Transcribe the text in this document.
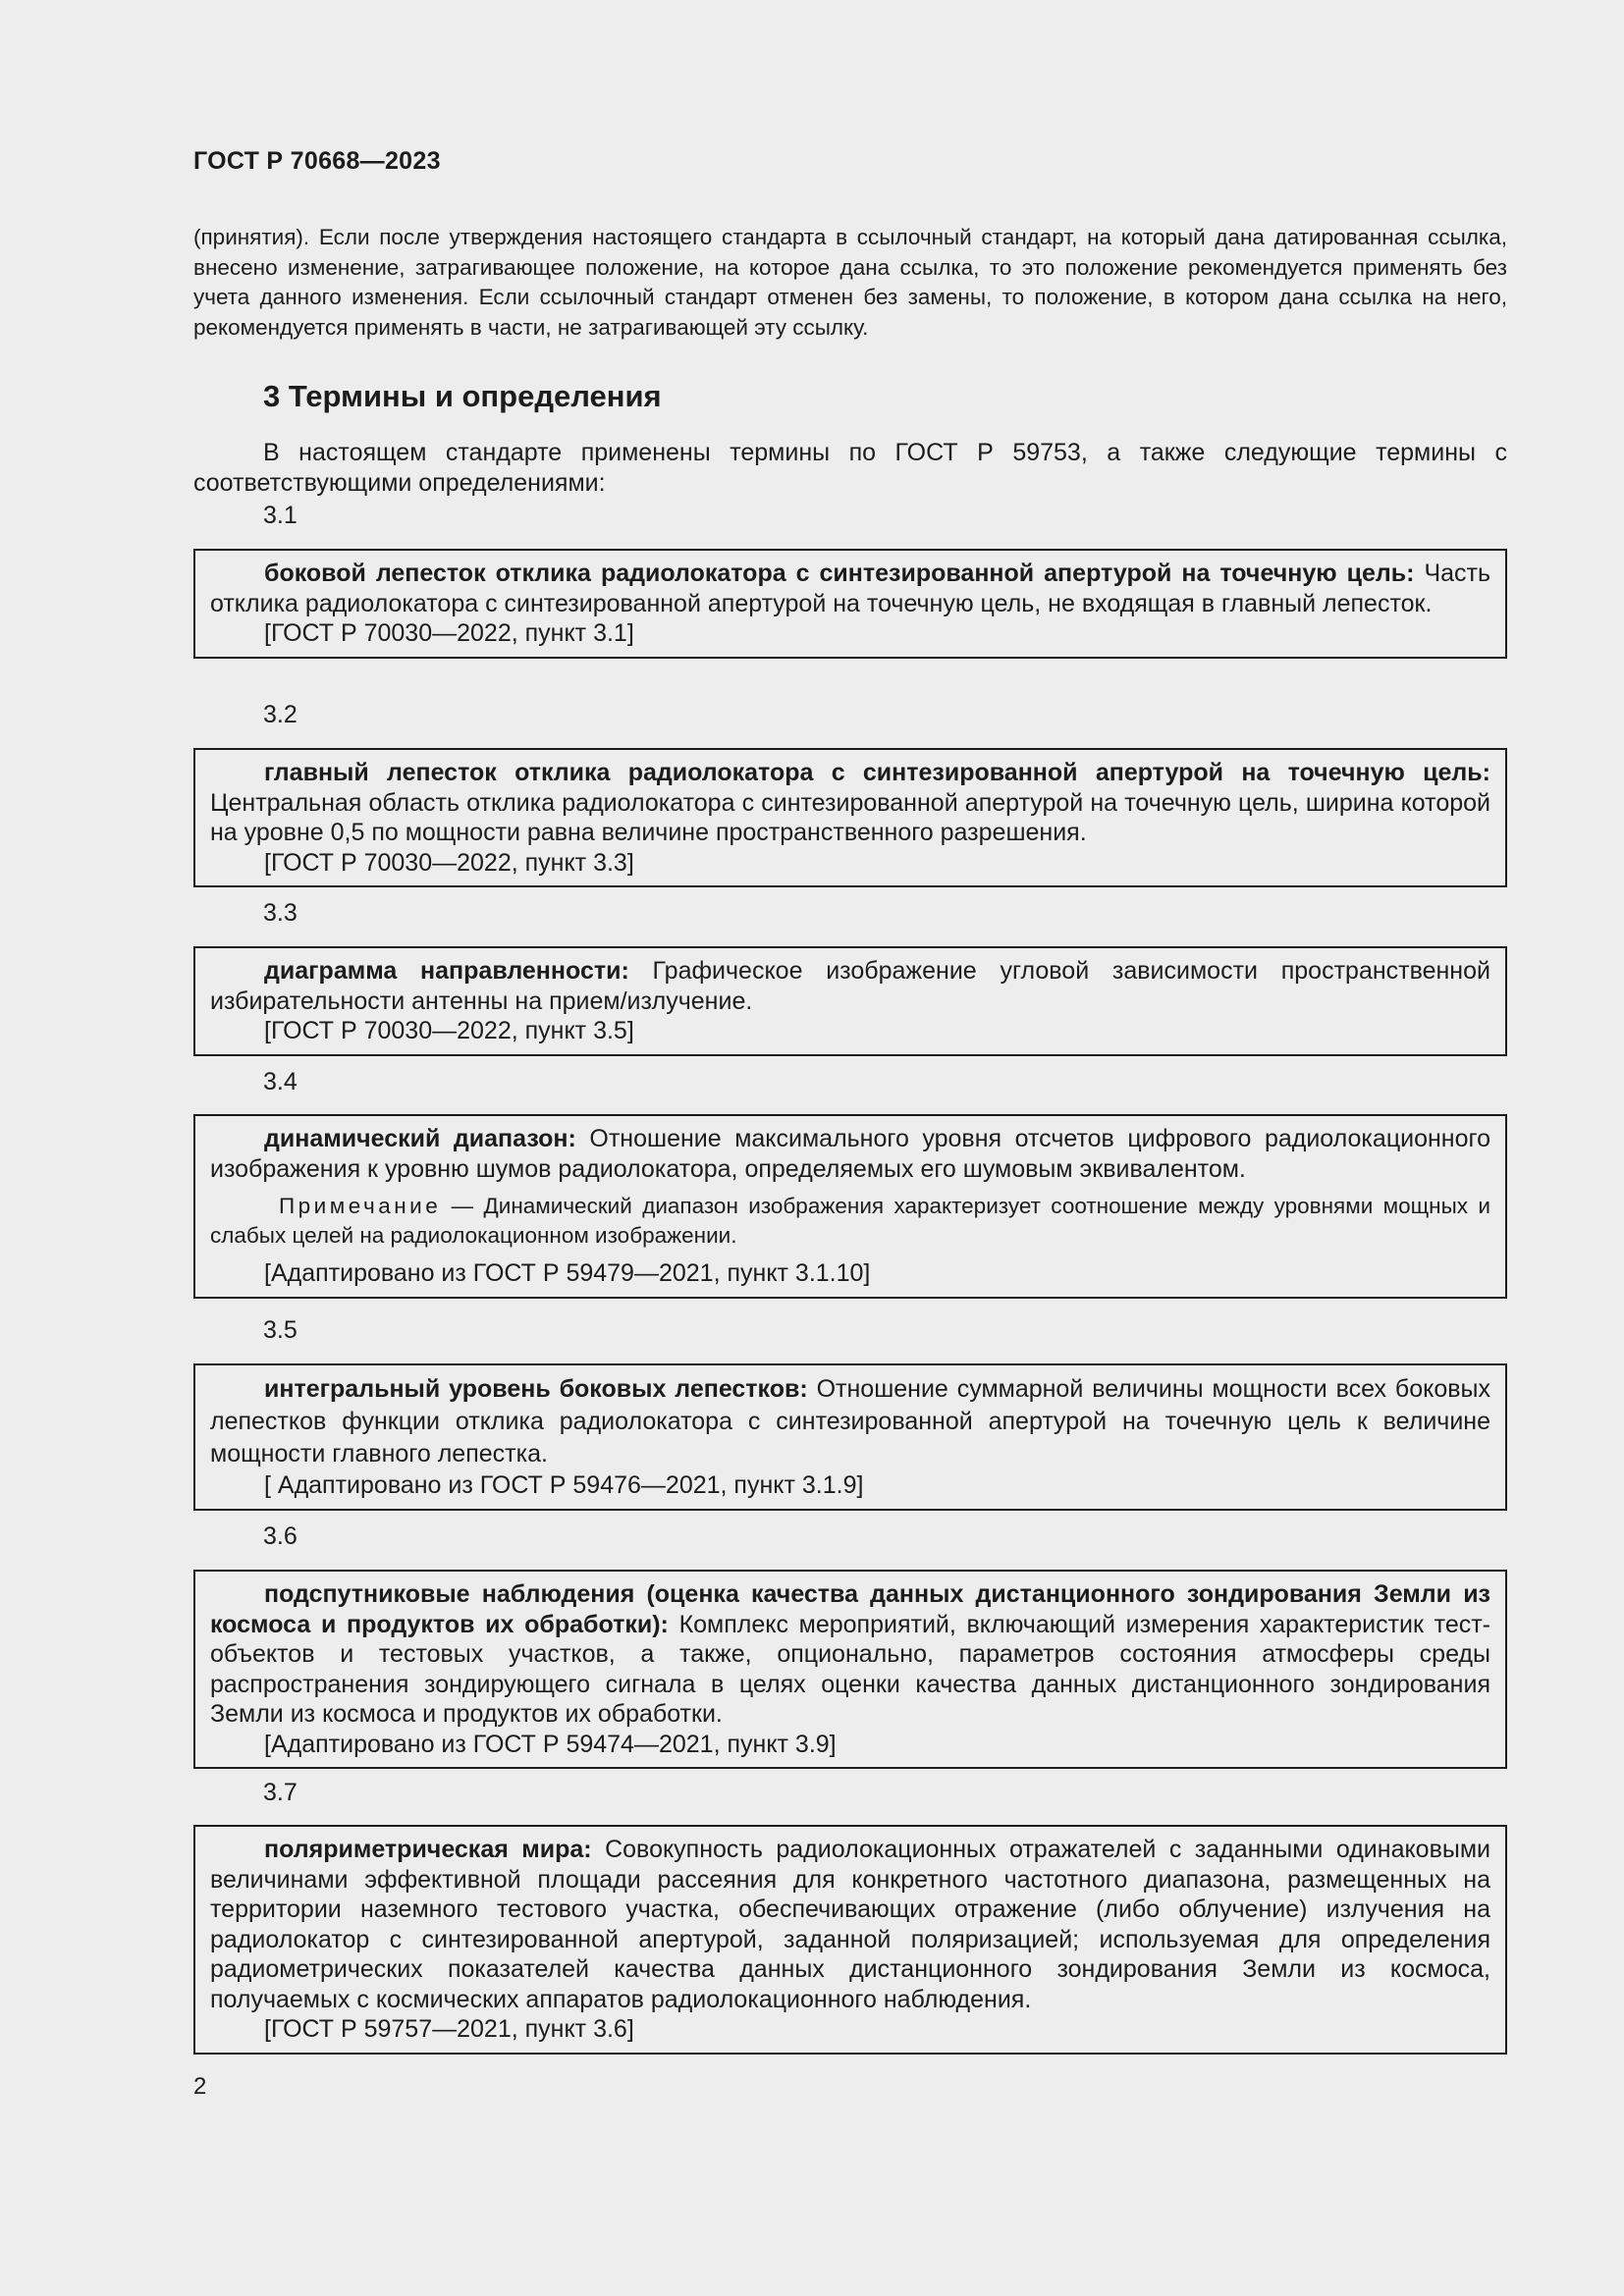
ГОСТ Р 70668—2023

(принятия). Если после утверждения настоящего стандарта в ссылочный стандарт, на который дана датированная ссылка, внесено изменение, затрагивающее положение, на которое дана ссылка, то это положение рекомендуется применять без учета данного изменения. Если ссылочный стандарт отменен без замены, то положение, в котором дана ссылка на него, рекомендуется применять в части, не затрагивающей эту ссылку.

3 Термины и определения

В настоящем стандарте применены термины по ГОСТ Р 59753, а также следующие термины с соответствующими определениями:

3.1

боковой лепесток отклика радиолокатора с синтезированной апертурой на точечную цель: Часть отклика радиолокатора с синтезированной апертурой на точечную цель, не входящая в главный лепесток.

[ГОСТ Р 70030—2022, пункт 3.1]

3.2

главный лепесток отклика радиолокатора с синтезированной апертурой на точечную цель: Центральная область отклика радиолокатора с синтезированной апертурой на точечную цель, ширина которой на уровне 0,5 по мощности равна величине пространственного разрешения.

[ГОСТ Р 70030—2022, пункт 3.3]

3.3

диаграмма направленности: Графическое изображение угловой зависимости пространственной избирательности антенны на прием/излучение.

[ГОСТ Р 70030—2022, пункт 3.5]

3.4

динамический диапазон: Отношение максимального уровня отсчетов цифрового радиолокационного изображения к уровню шумов радиолокатора, определяемых его шумовым эквивалентом.

Примечание — Динамический диапазон изображения характеризует соотношение между уровнями мощных и слабых целей на радиолокационном изображении.

[Адаптировано из ГОСТ Р 59479—2021, пункт 3.1.10]

3.5

интегральный уровень боковых лепестков: Отношение суммарной величины мощности всех боковых лепестков функции отклика радиолокатора с синтезированной апертурой на точечную цель к величине мощности главного лепестка.

[ Адаптировано из ГОСТ Р 59476—2021, пункт 3.1.9]

3.6

подспутниковые наблюдения (оценка качества данных дистанционного зондирования Земли из космоса и продуктов их обработки): Комплекс мероприятий, включающий измерения характеристик тест-объектов и тестовых участков, а также, опционально, параметров состояния атмосферы среды распространения зондирующего сигнала в целях оценки качества данных дистанционного зондирования Земли из космоса и продуктов их обработки.

[Адаптировано из ГОСТ Р 59474—2021, пункт 3.9]

3.7

поляриметрическая мира: Совокупность радиолокационных отражателей с заданными одинаковыми величинами эффективной площади рассеяния для конкретного частотного диапазона, размещенных на территории наземного тестового участка, обеспечивающих отражение (либо облучение) излучения на радиолокатор с синтезированной апертурой, заданной поляризацией; используемая для определения радиометрических показателей качества данных дистанционного зондирования Земли из космоса, получаемых с космических аппаратов радиолокационного наблюдения.

[ГОСТ Р 59757—2021, пункт 3.6]

2
